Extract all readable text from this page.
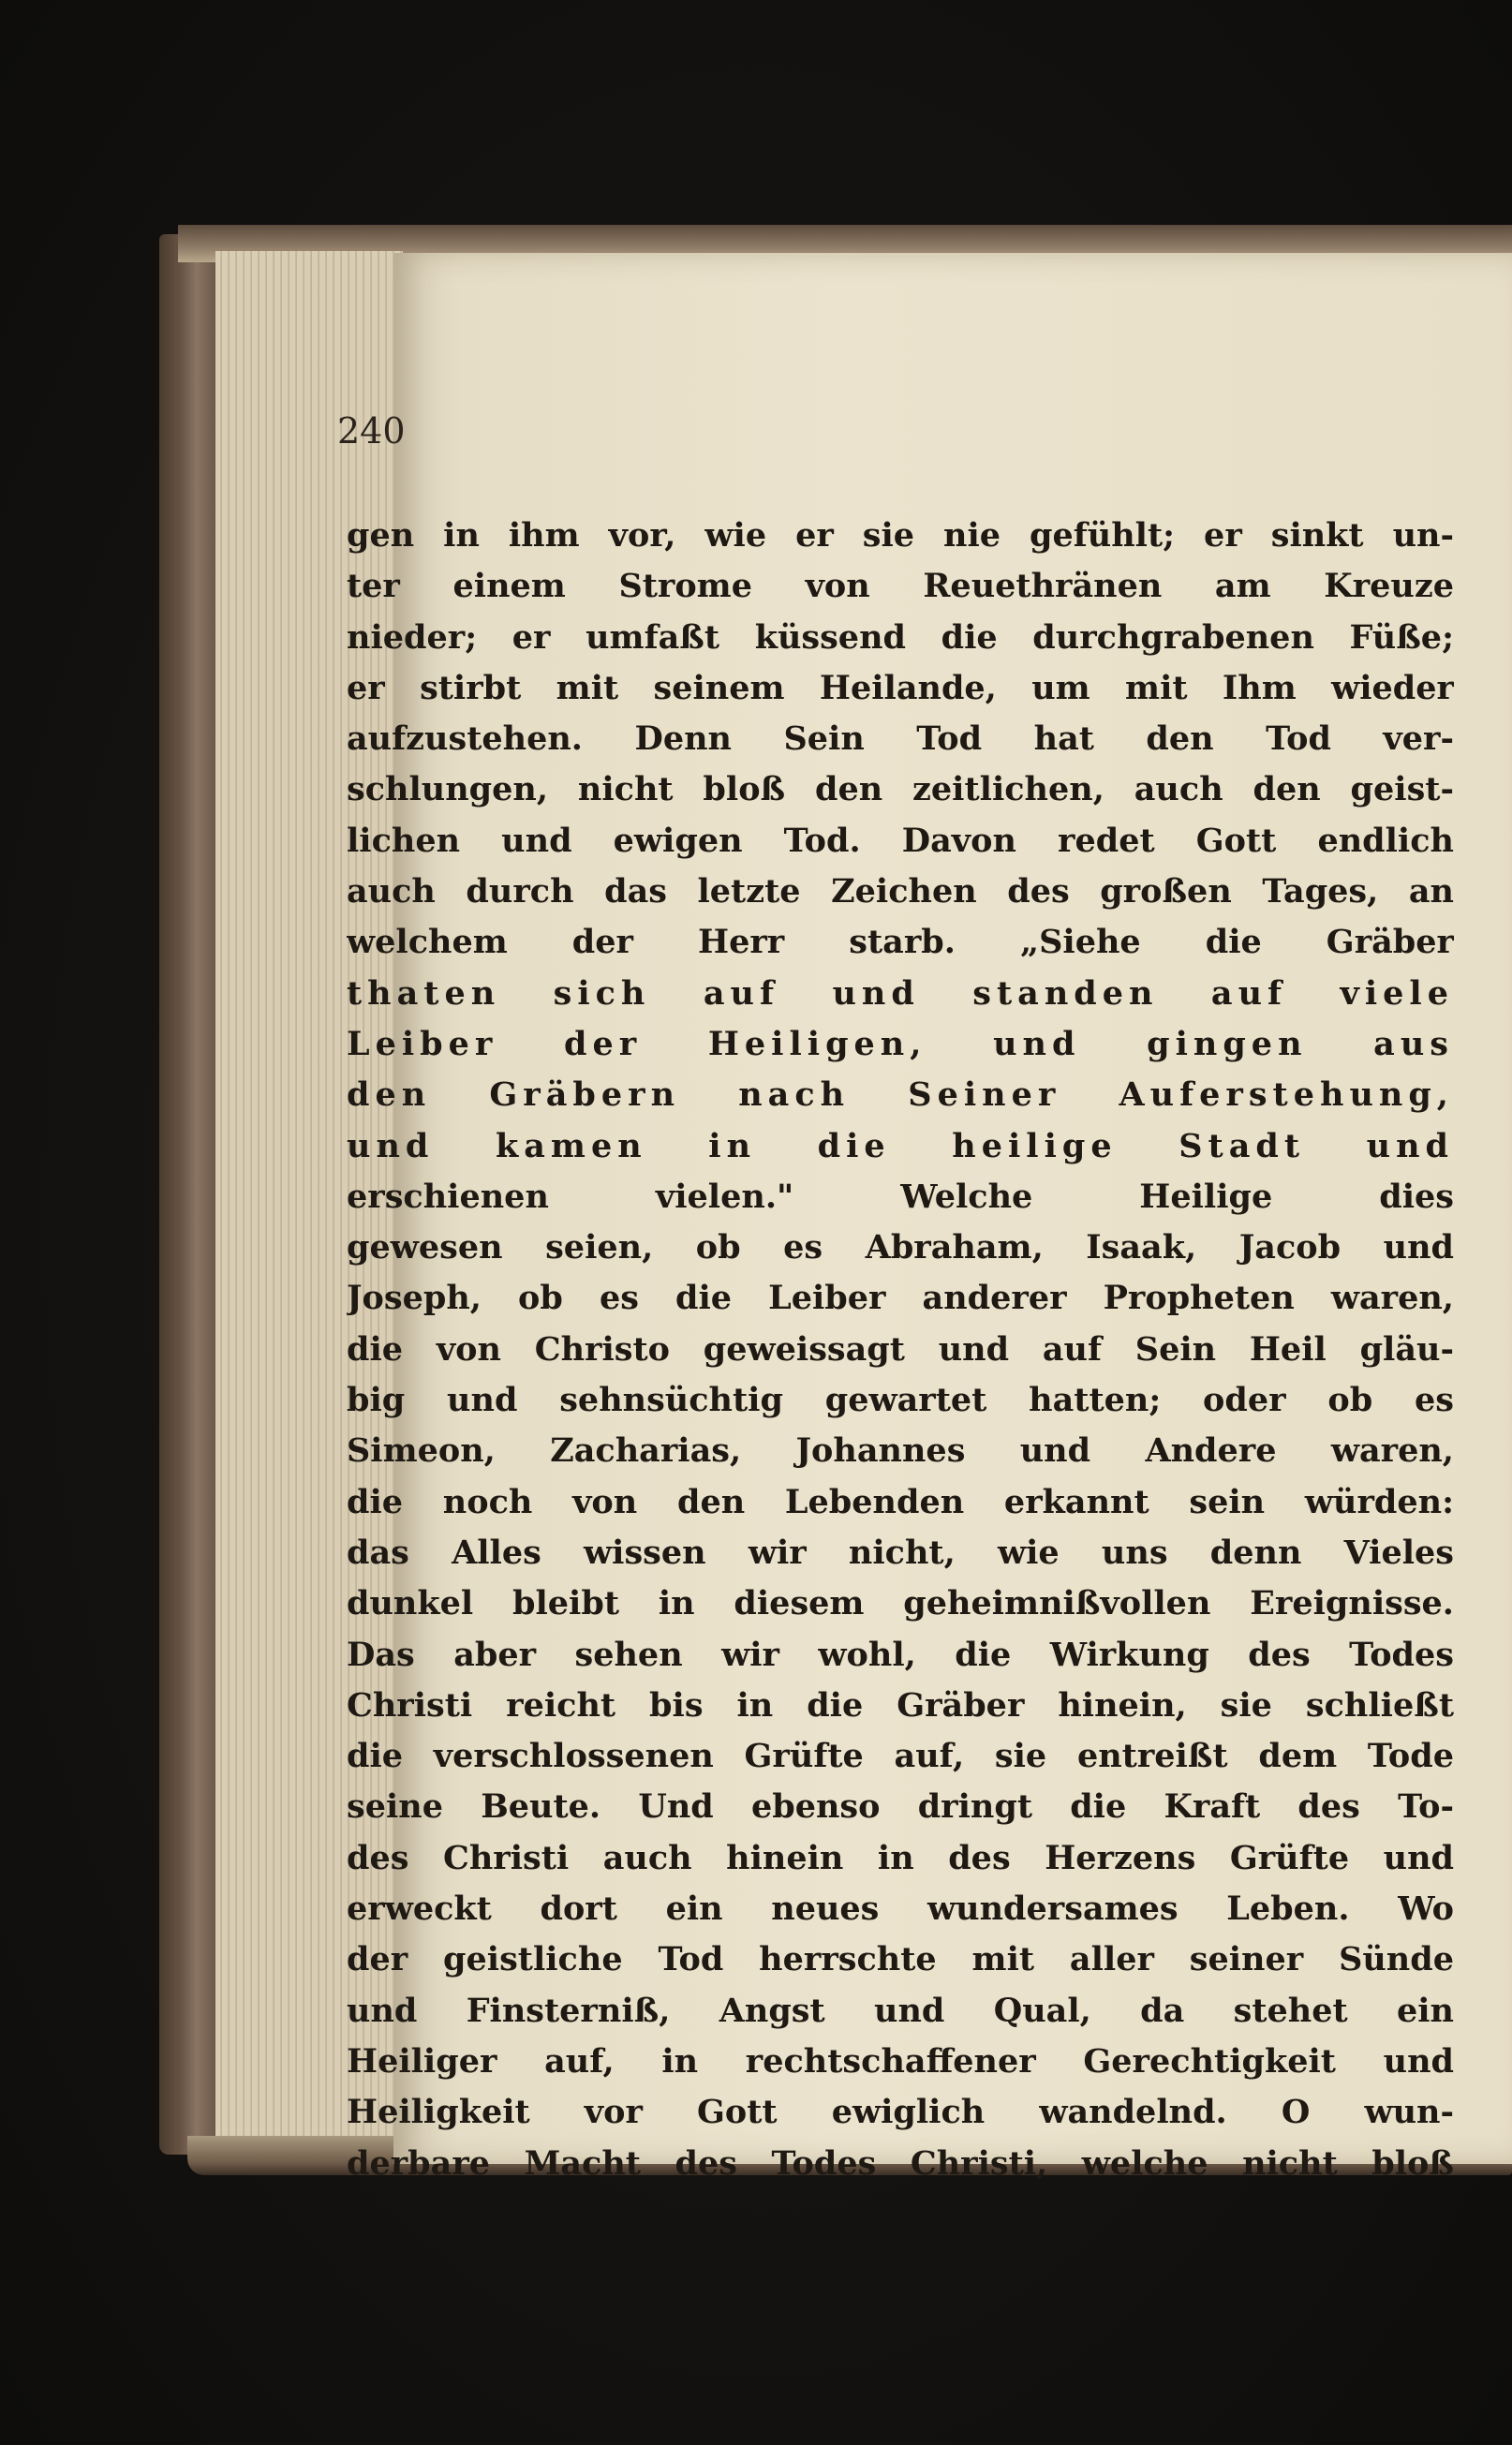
240
gen in ihm vor, wie er sie nie gefühlt; er sinkt un-
ter einem Strome von Reuethränen am Kreuze
nieder; er umfaßt küssend die durchgrabenen Füße;
er stirbt mit seinem Heilande, um mit Ihm wieder
aufzustehen. Denn Sein Tod hat den Tod ver-
schlungen, nicht bloß den zeitlichen, auch den geist-
lichen und ewigen Tod. Davon redet Gott endlich
auch durch das letzte Zeichen des großen Tages, an
welchem der Herr starb. „Siehe die Gräber
thaten sich auf und standen auf viele
Leiber der Heiligen, und gingen aus
den Gräbern nach Seiner Auferstehung,
und kamen in die heilige Stadt und
erschienen vielen." Welche Heilige dies
gewesen seien, ob es Abraham, Isaak, Jacob und
Joseph, ob es die Leiber anderer Propheten waren,
die von Christo geweissagt und auf Sein Heil gläu-
big und sehnsüchtig gewartet hatten; oder ob es
Simeon, Zacharias, Johannes und Andere waren,
die noch von den Lebenden erkannt sein würden:
das Alles wissen wir nicht, wie uns denn Vieles
dunkel bleibt in diesem geheimnißvollen Ereignisse.
Das aber sehen wir wohl, die Wirkung des Todes
Christi reicht bis in die Gräber hinein, sie schließt
die verschlossenen Grüfte auf, sie entreißt dem Tode
seine Beute. Und ebenso dringt die Kraft des To-
des Christi auch hinein in des Herzens Grüfte und
erweckt dort ein neues wundersames Leben. Wo
der geistliche Tod herrschte mit aller seiner Sünde
und Finsterniß, Angst und Qual, da stehet ein
Heiliger auf, in rechtschaffener Gerechtigkeit und
Heiligkeit vor Gott ewiglich wandelnd. O wun-
derbare Macht des Todes Christi, welche nicht bloß
